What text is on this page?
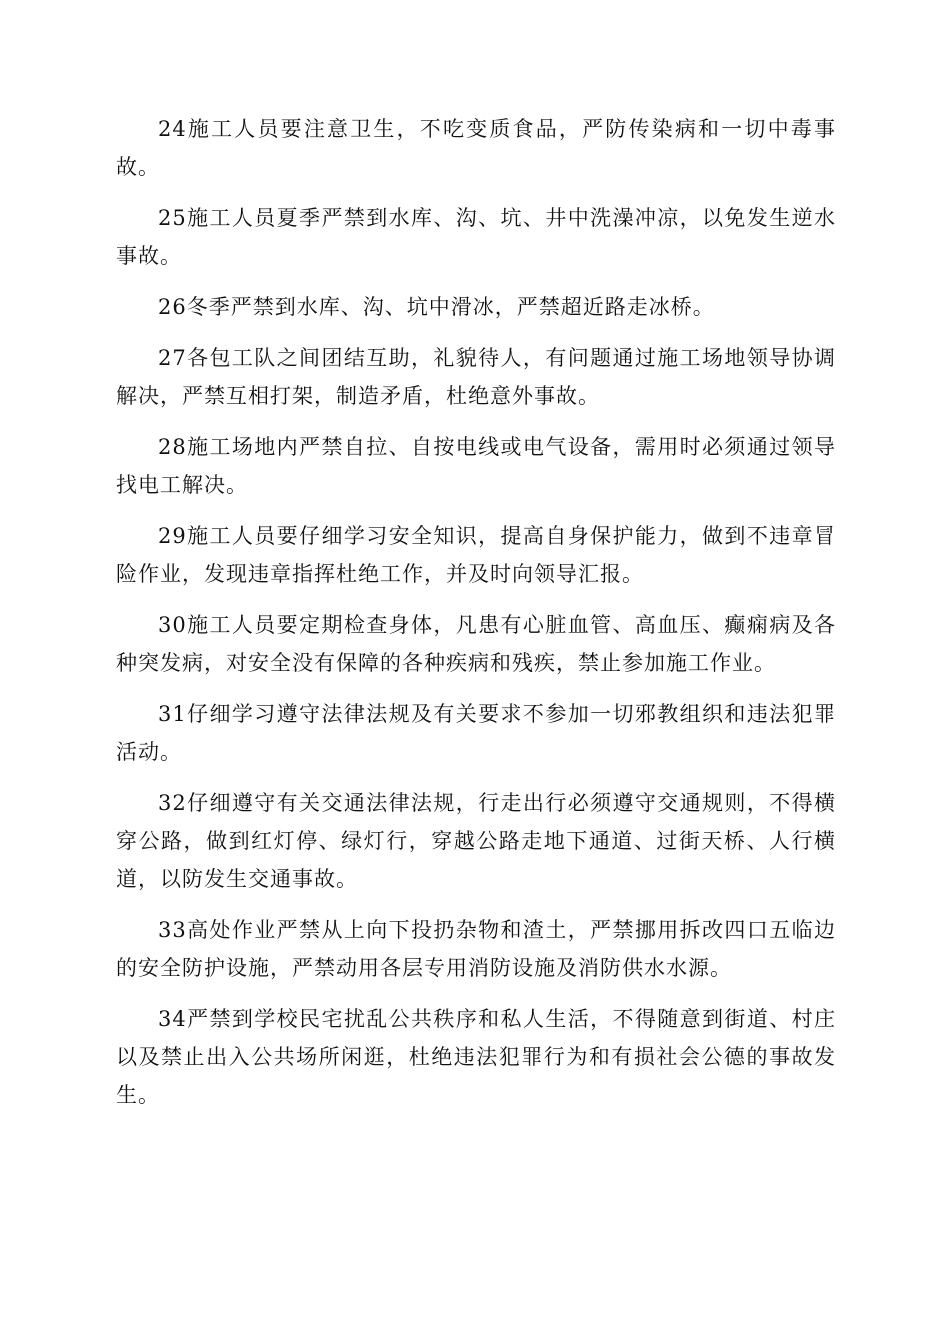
24施工人员要注意卫生，不吃变质食品，严防传染病和一切中毒事故。

25施工人员夏季严禁到水库、沟、坑、井中洗澡冲凉，以免发生逆水事故。

26冬季严禁到水库、沟、坑中滑冰，严禁超近路走冰桥。

27各包工队之间团结互助，礼貌待人，有问题通过施工场地领导协调解决，严禁互相打架，制造矛盾，杜绝意外事故。

28施工场地内严禁自拉、自按电线或电气设备，需用时必须通过领导找电工解决。

29施工人员要仔细学习安全知识，提高自身保护能力，做到不违章冒险作业，发现违章指挥杜绝工作，并及时向领导汇报。

30施工人员要定期检查身体，凡患有心脏血管、高血压、癫痫病及各种突发病，对安全没有保障的各种疾病和残疾，禁止参加施工作业。

31仔细学习遵守法律法规及有关要求不参加一切邪教组织和违法犯罪活动。

32仔细遵守有关交通法律法规，行走出行必须遵守交通规则，不得横穿公路，做到红灯停、绿灯行，穿越公路走地下通道、过街天桥、人行横道，以防发生交通事故。

33高处作业严禁从上向下投扔杂物和渣土，严禁挪用拆改四口五临边的安全防护设施，严禁动用各层专用消防设施及消防供水水源。

34严禁到学校民宅扰乱公共秩序和私人生活，不得随意到街道、村庄以及禁止出入公共场所闲逛，杜绝违法犯罪行为和有损社会公德的事故发生。
